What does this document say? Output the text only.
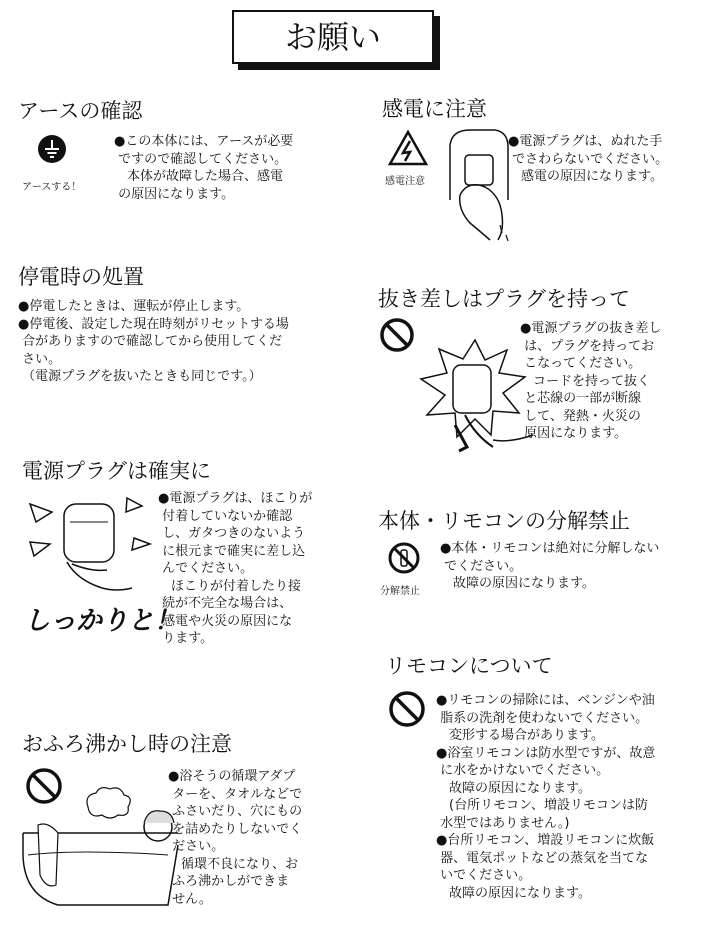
お願い
アースの確認
アースする！
●この本体には、アースが必要
ですので確認してください。
　本体が故障した場合、感電
の原因になります。
感電に注意
感電注意
●電源プラグは、ぬれた手
でさわらないでください。
　感電の原因になります。
停電時の処置
●停電したときは、運転が停止します。
●停電後、設定した現在時刻がリセットする場
合がありますので確認してから使用してくだ
さい。
（電源プラグを抜いたときも同じです。）
抜き差しはプラグを持って
●電源プラグの抜き差し
は、プラグを持ってお
こなってください。
　コードを持って抜く
と芯線の一部が断線
して、発熱・火災の
原因になります。
電源プラグは確実に
しっかりと！
●電源プラグは、ほこりが
付着していないか確認
し、ガタつきのないよう
に根元まで確実に差し込
んでください。
　ほこりが付着したり接
続が不完全な場合は、
感電や火災の原因にな
ります。
本体・リモコンの分解禁止
分解禁止
●本体・リモコンは絶対に分解しない
でください。
　故障の原因になります。
リモコンについて
●リモコンの掃除には、ベンジンや油
脂系の洗剤を使わないでください。
　変形する場合があります。
●浴室リモコンは防水型ですが、故意
に水をかけないでください。
　故障の原因になります。
　(台所リモコン、増設リモコンは防
水型ではありません。)
●台所リモコン、増設リモコンに炊飯
器、電気ポットなどの蒸気を当てな
いでください。
　故障の原因になります。
おふろ沸かし時の注意
●浴そうの循環アダプ
ターを、タオルなどで
ふさいだり、穴にもの
を詰めたりしないでく
ださい。
　循環不良になり、お
ふろ沸かしができま
せん。
